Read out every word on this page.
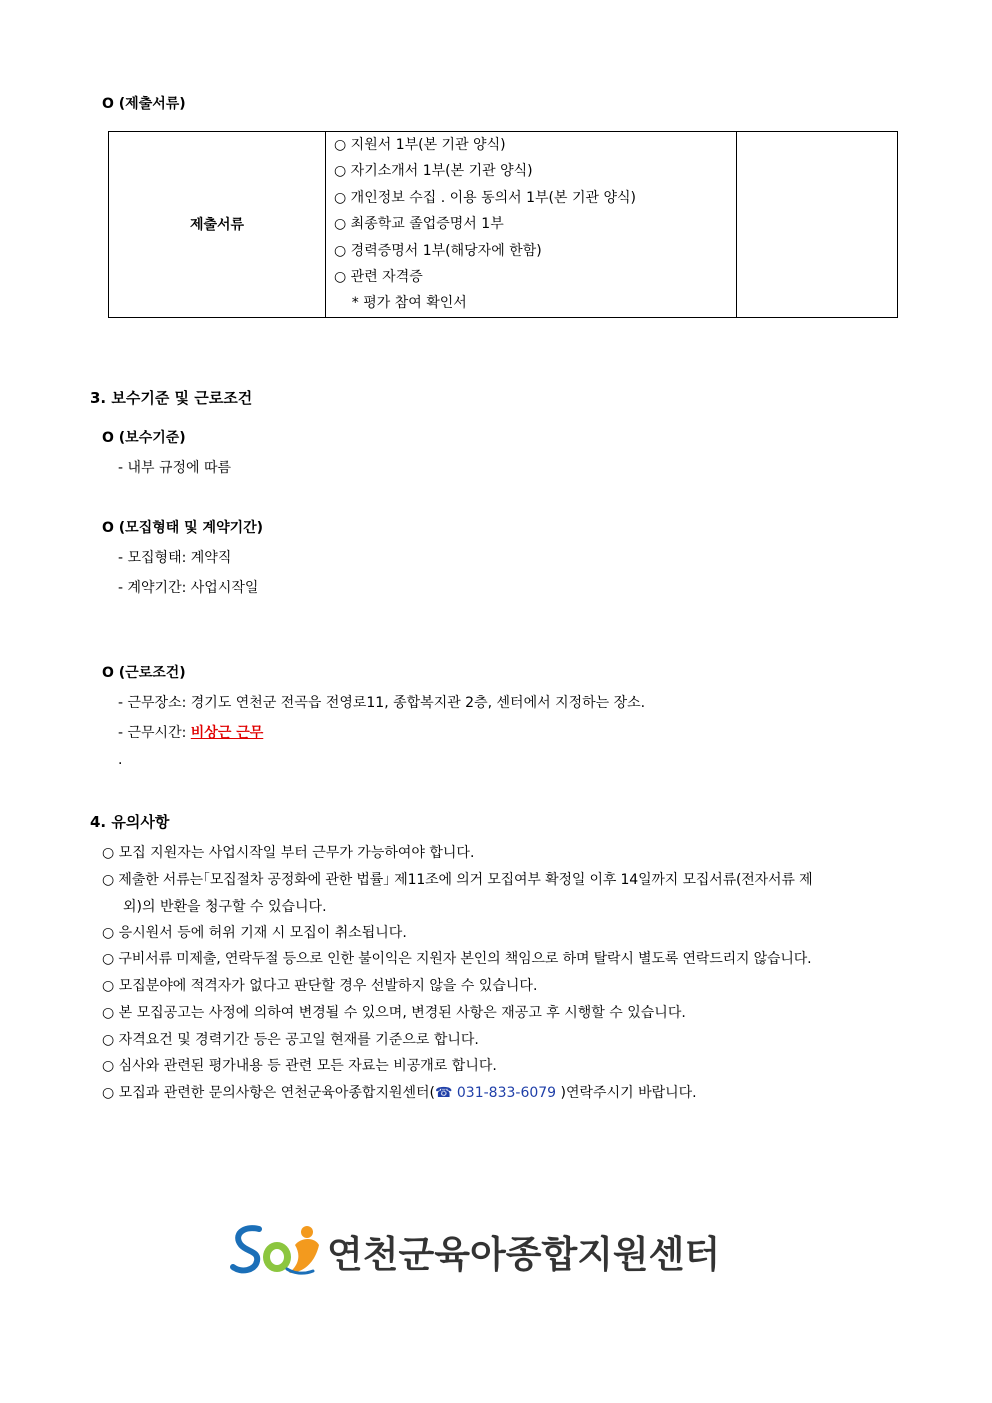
O (제출서류)
제출서류	
○ 지원서 1부(본 기관 양식)
○ 자기소개서 1부(본 기관 양식)
○ 개인정보 수집 . 이용 동의서 1부(본 기관 양식)
○ 최종학교 졸업증명서 1부
○ 경력증명서 1부(해당자에 한함)
○ 관련 자격증
* 평가 참여 확인서

3. 보수기준 및 근로조건
O (보수기준)
- 내부 규정에 따름
O (모집형태 및 계약기간)
- 모집형태: 계약직
- 계약기간: 사업시작일
O (근로조건)
- 근무장소: 경기도 연천군 전곡읍 전영로11, 종합복지관 2층, 센터에서 지정하는 장소.
- 근무시간: 비상근 근무
.
4. 유의사항
○ 모집 지원자는 사업시작일 부터 근무가 가능하여야 합니다.
○ 제출한 서류는｢모집절차 공정화에 관한 법률｣ 제11조에 의거 모집여부 확정일 이후 14일까지 모집서류(전자서류 제
외)의 반환을 청구할 수 있습니다.
○ 응시원서 등에 허위 기재 시 모집이 취소됩니다.
○ 구비서류 미제출, 연락두절 등으로 인한 불이익은 지원자 본인의 책임으로 하며 탈락시 별도록 연락드리지 않습니다.
○ 모집분야에 적격자가 없다고 판단할 경우 선발하지 않을 수 있습니다.
○ 본 모집공고는 사정에 의하여 변경될 수 있으며, 변경된 사항은 재공고 후 시행할 수 있습니다.
○ 자격요건 및 경력기간 등은 공고일 현재를 기준으로 합니다.
○ 심사와 관련된 평가내용 등 관련 모든 자료는 비공개로 합니다.
○ 모집과 관련한 문의사항은 연천군육아종합지원센터(☎ 031-833-6079 )연락주시기 바랍니다.
연천군육아종합지원센터
